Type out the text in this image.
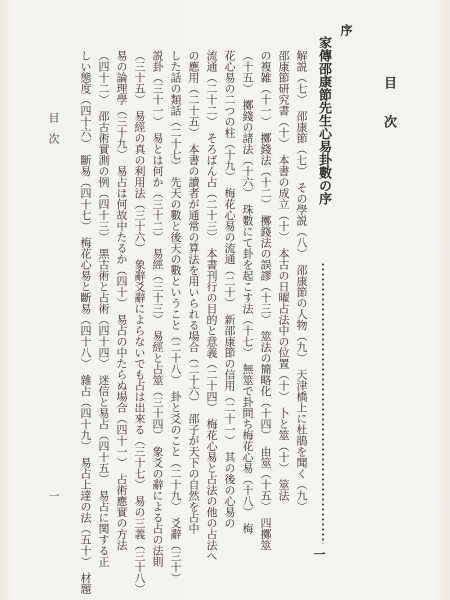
目次
序
家傳邵康節先生心易卦數の序
一
解説（七）　邵康節（七）　その學説（八）　邵康節の人物（九）　天津橋上に杜鵑を聞く（九）
邵康節研究書（十）　本書の成立（十）　本古の日曜占法中の位置（十）　卜と筮（十）　筮法
の複雑（十一）　擲錢法（十二）　擲錢法の誤謬（十三）　筮法の簡略化（十四）　由筮（十五）　四擲筮
（十五）　擲錢の諸法（十六）　珠數にて卦を起こす法（十七）　無筮で卦問ち梅花心易（十八）　梅
花心易の二つの柱（十九）　梅花心易の流通（二十）　新邵康節の信用（二十一）　其の後の心易の
流通（二十二）　そろばん占（二十三）　本書刊行の目的と意義（二十四）　梅花心易と占法の他の占法へ
の應用（二十五）　本書の讀者が通常の算法を用いられる場合（二十六）　邵子が天下の自然を占中
した話の類話（二十七）　先天の數と後天の數ということ（二十八）　卦と爻のこと（二十九）　爻辭（三十）
説卦（三十一）　易とは何か（三十二）　易經（三十三）　易經と占筮（三十四）　象爻の辭による占の法則
（三十五）　易經の真の利用法（三十六）　象辭爻辭によらないでも占は出來る（三十七）　易の三義（三十八）
易の論理學（三十九）　易占は何故中たるか（四十）　易占の中たらぬ場合（四十一）　占術應實の方法
（四十二）　邵古術實測の例（四十三）　黒古術と占術（四十四）　迷信と易占（四十五）　易占に関する正
しい態度（四十六）　斷易（四十七）　梅花心易と斷易（四十八）　雜占（四十九）　易占上達の法（五十）　材題
目次
一
